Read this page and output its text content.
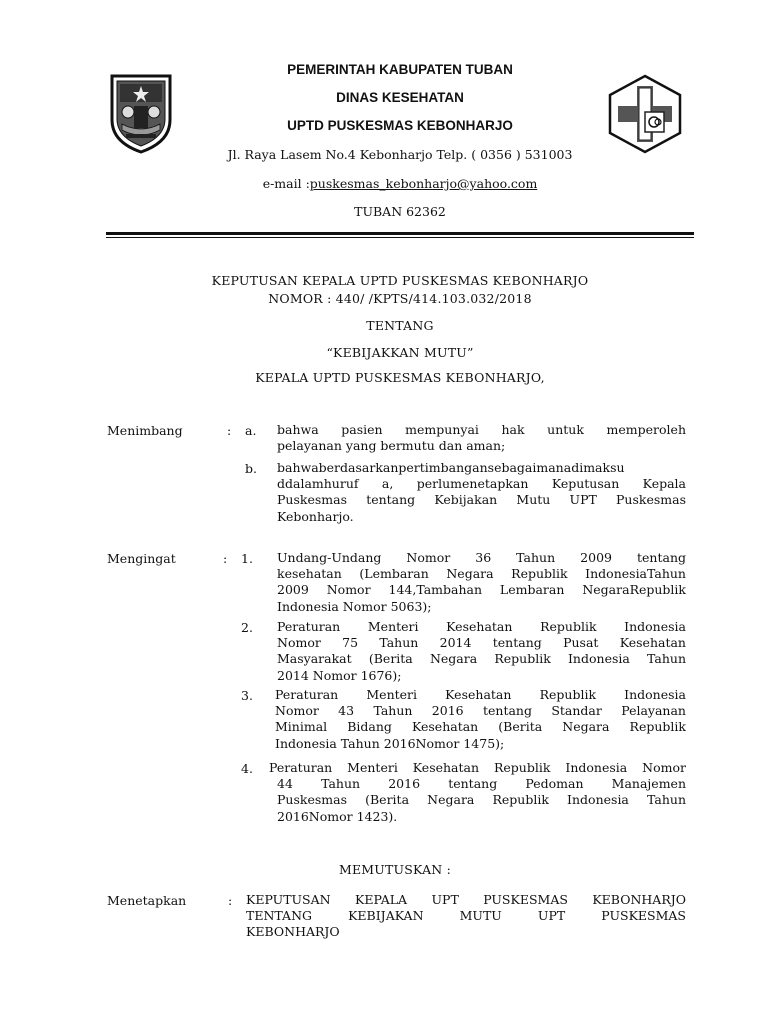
PEMERINTAH KABUPATEN TUBAN
DINAS KESEHATAN
UPTD PUSKESMAS KEBONHARJO
Jl. Raya Lasem No.4 Kebonharjo Telp. ( 0356 ) 531003
e-mail :puskesmas_kebonharjo@yahoo.com
TUBAN 62362
KEPUTUSAN KEPALA UPTD PUSKESMAS KEBONHARJO
NOMOR : 440/ /KPTS/414.103.032/2018
TENTANG
“KEBIJAKKAN MUTU”
KEPALA UPTD PUSKESMAS KEBONHARJO,
Menimbang	: a. bahwa pasien mempunyai hak untuk memperoleh
pelayanan yang bermutu dan aman;
b. bahwaberdasarkanpertimbangansebagaimanadimaksu
ddalamhuruf a, perlumenetapkan Keputusan Kepala
Puskesmas tentang Kebijakan Mutu UPT Puskesmas
Kebonharjo.
Mengingat	: 1. Undang-Undang Nomor 36 Tahun 2009 tentang
kesehatan (Lembaran Negara Republik IndonesiaTahun
2009 Nomor 144,Tambahan Lembaran NegaraRepublik
Indonesia Nomor 5063);
2. Peraturan Menteri Kesehatan Republik Indonesia
Nomor 75 Tahun 2014 tentang Pusat Kesehatan
Masyarakat (Berita Negara Republik Indonesia Tahun
2014 Nomor 1676);
3. Peraturan Menteri Kesehatan Republik Indonesia
Nomor 43 Tahun 2016 tentang Standar Pelayanan
Minimal Bidang Kesehatan (Berita Negara Republik
Indonesia Tahun 2016Nomor 1475);
4. Peraturan Menteri Kesehatan Republik Indonesia Nomor
44 Tahun 2016 tentang Pedoman Manajemen
Puskesmas (Berita Negara Republik Indonesia Tahun
2016Nomor 1423).
MEMUTUSKAN :
Menetapkan	: KEPUTUSAN KEPALA UPT PUSKESMAS KEBONHARJO
TENTANG KEBIJAKAN MUTU UPT PUSKESMAS
KEBONHARJO
